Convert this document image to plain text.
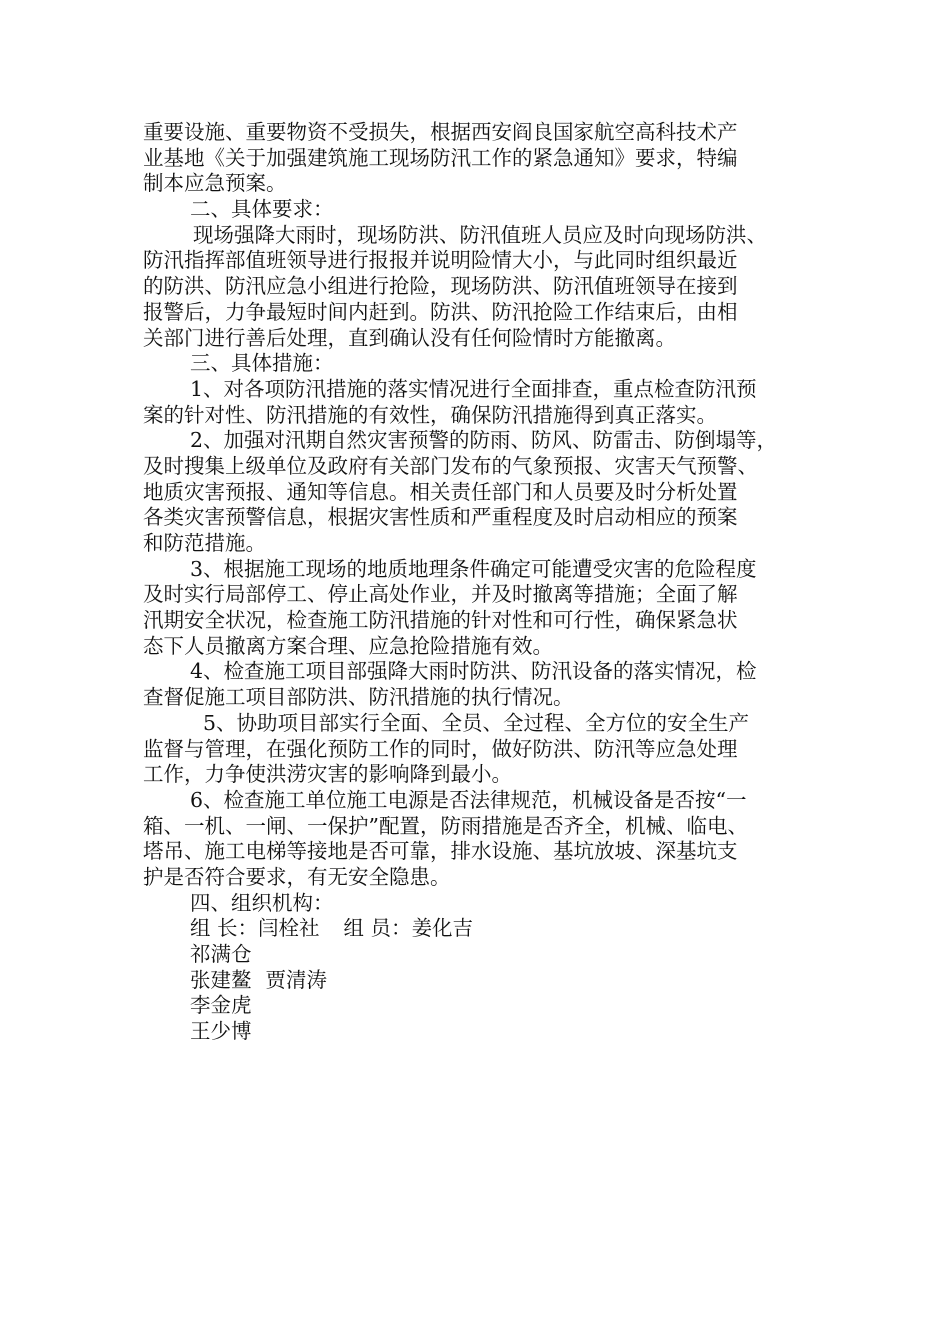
重要设施、重要物资不受损失，根据西安阎良国家航空高科技术产
业基地《关于加强建筑施工现场防汛工作的紧急通知》要求，特编
制本应急预案。
二、具体要求：
现场强降大雨时，现场防洪、防汛值班人员应及时向现场防洪、
防汛指挥部值班领导进行报报并说明险情大小，与此同时组织最近
的防洪、防汛应急小组进行抢险，现场防洪、防汛值班领导在接到
报警后，力争最短时间内赶到。防洪、防汛抢险工作结束后，由相
关部门进行善后处理，直到确认没有任何险情时方能撤离。
三、具体措施：
1、对各项防汛措施的落实情况进行全面排查，重点检查防汛预
案的针对性、防汛措施的有效性，确保防汛措施得到真正落实。
2、加强对汛期自然灾害预警的防雨、防风、防雷击、防倒塌等，
及时搜集上级单位及政府有关部门发布的气象预报、灾害天气预警、
地质灾害预报、通知等信息。相关责任部门和人员要及时分析处置
各类灾害预警信息，根据灾害性质和严重程度及时启动相应的预案
和防范措施。
3、根据施工现场的地质地理条件确定可能遭受灾害的危险程度
及时实行局部停工、停止高处作业，并及时撤离等措施；全面了解
汛期安全状况，检查施工防汛措施的针对性和可行性，确保紧急状
态下人员撤离方案合理、应急抢险措施有效。
4、检查施工项目部强降大雨时防洪、防汛设备的落实情况，检
查督促施工项目部防洪、防汛措施的执行情况。
5、协助项目部实行全面、全员、全过程、全方位的安全生产
监督与管理，在强化预防工作的同时，做好防洪、防汛等应急处理
工作，力争使洪涝灾害的影响降到最小。
6、检查施工单位施工电源是否法律规范，机械设备是否按“一
箱、一机、一闸、一保护”配置，防雨措施是否齐全，机械、临电、
塔吊、施工电梯等接地是否可靠，排水设施、基坑放坡、深基坑支
护是否符合要求，有无安全隐患。
四、组织机构：
组 长：闫栓社 组 员：姜化吉
祁满仓
张建鳌 贾清涛
李金虎
王少博
